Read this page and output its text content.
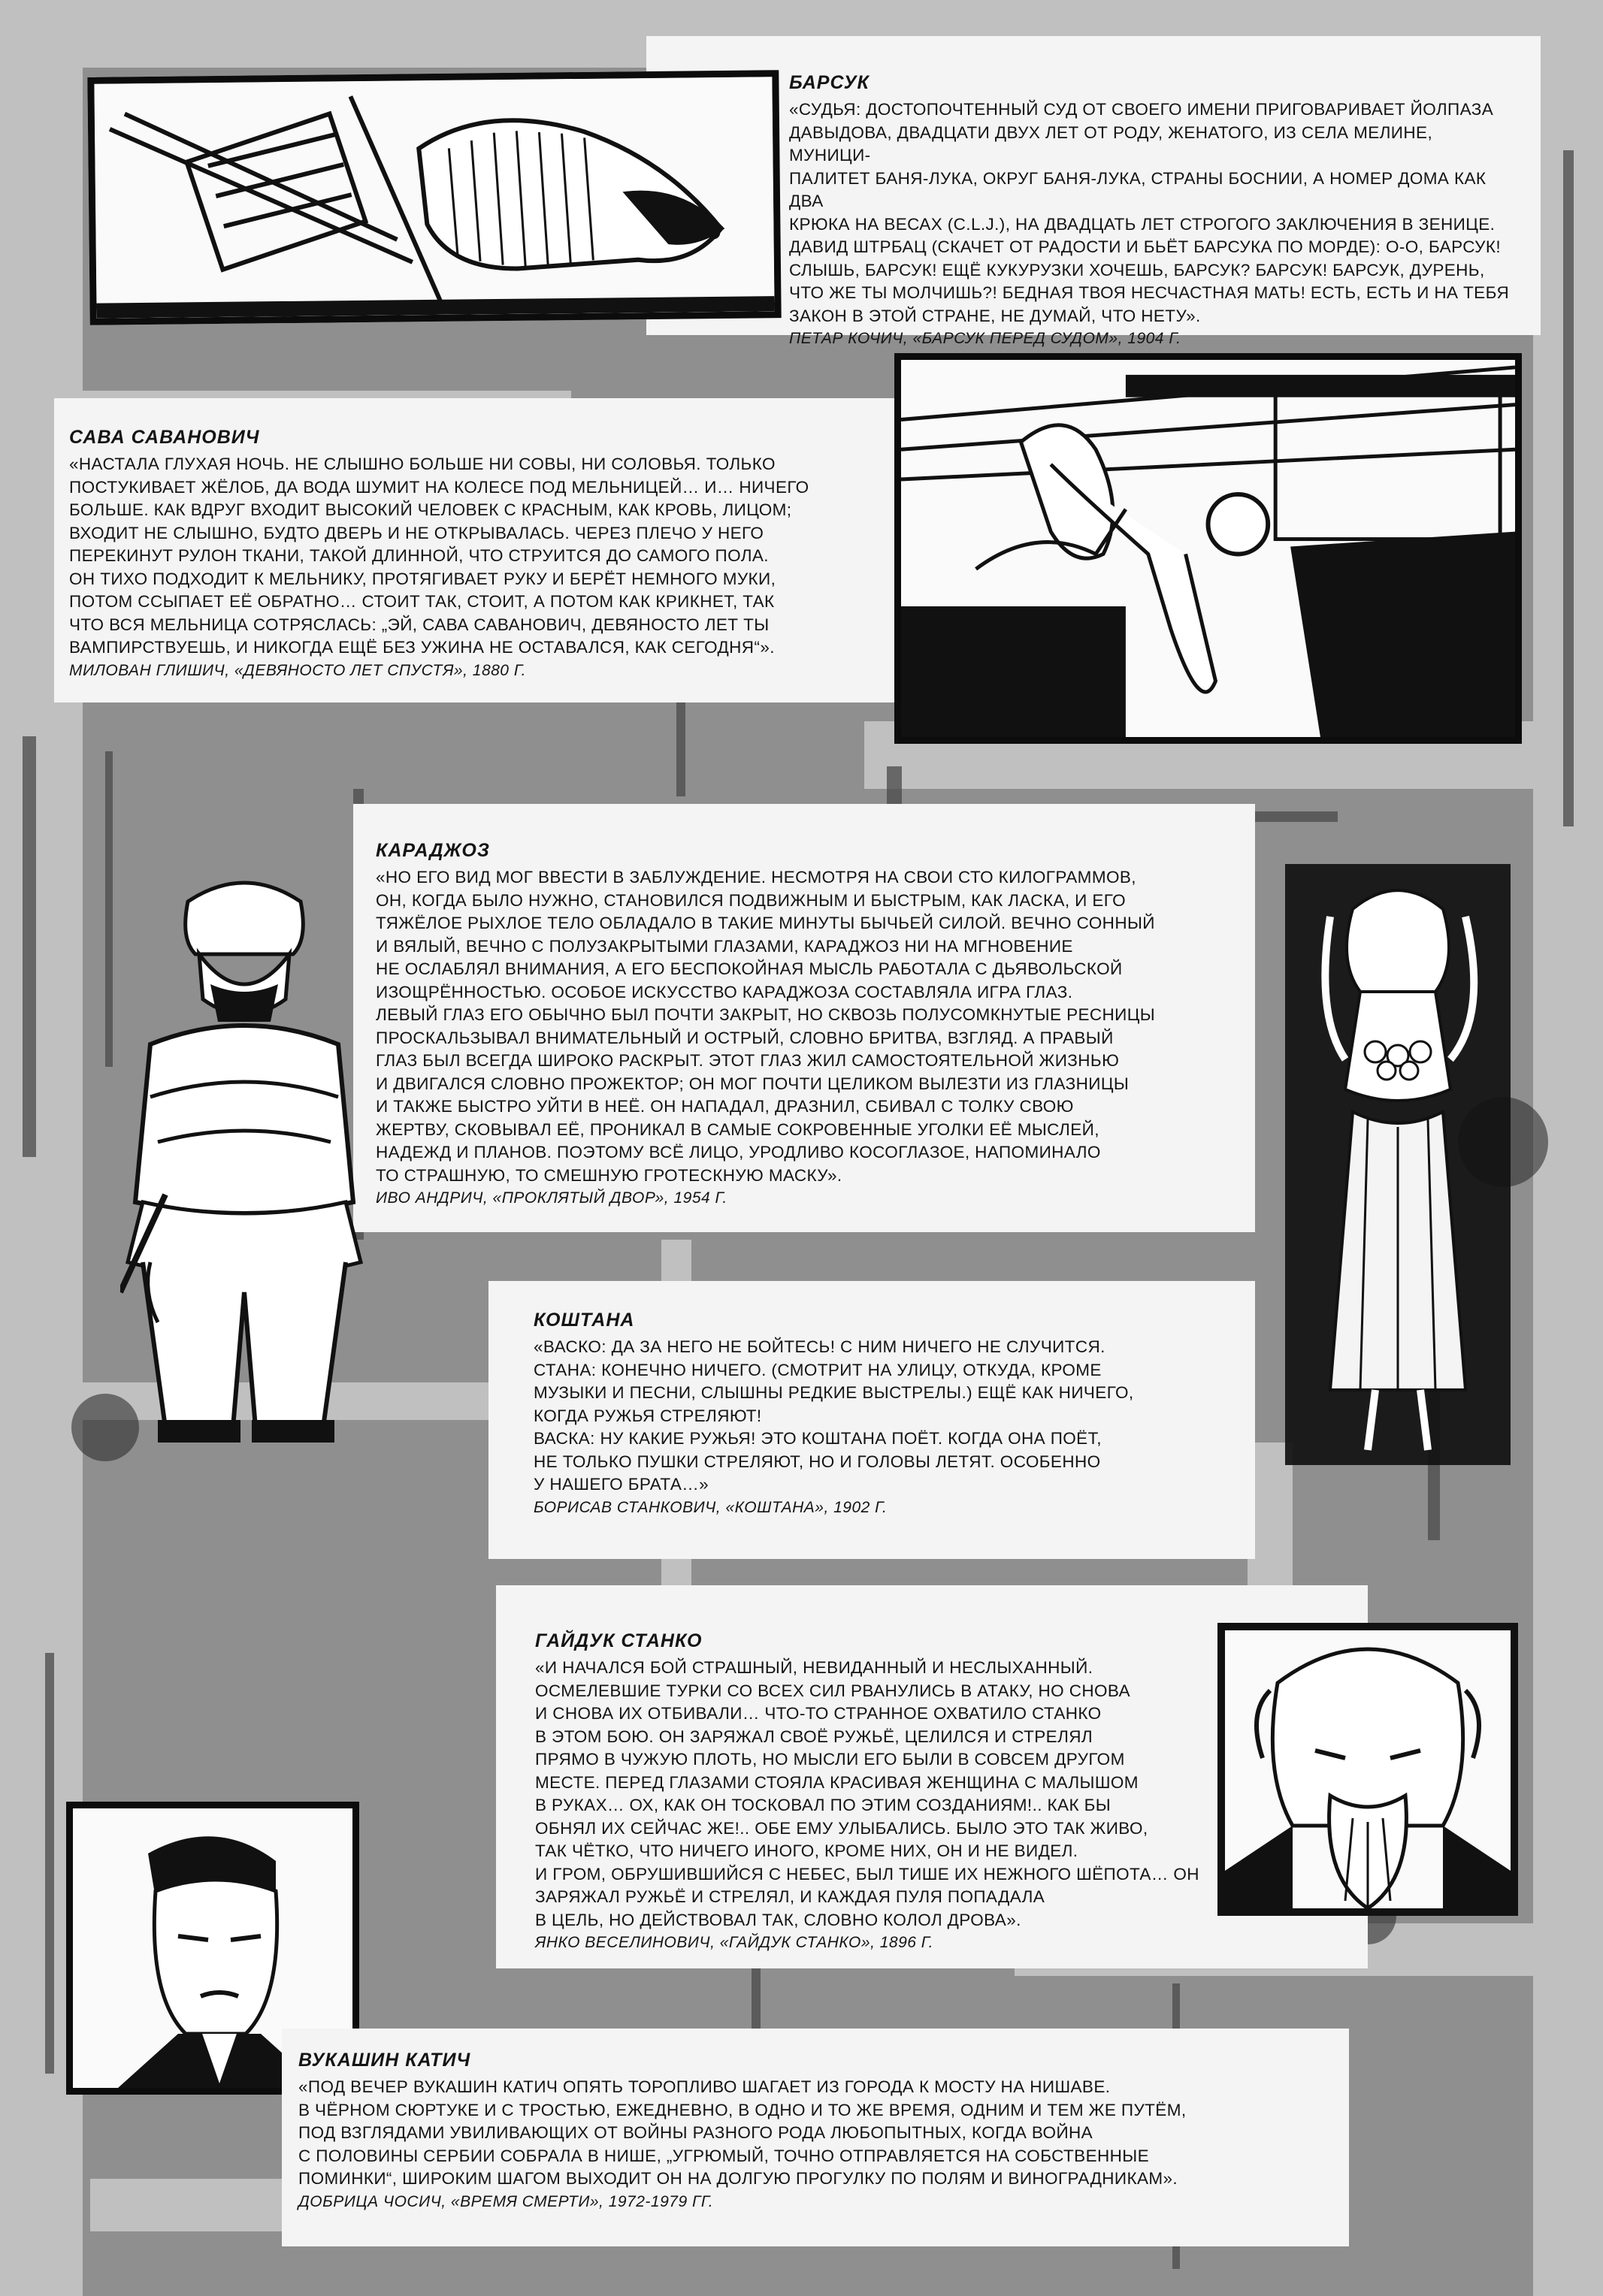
БАРСУК
«СУДЬЯ: ДОСТОПОЧТЕННЫЙ СУД ОТ СВОЕГО ИМЕНИ ПРИГОВАРИВАЕТ ЙОЛПАЗА
ДАВЫДОВА, ДВАДЦАТИ ДВУХ ЛЕТ ОТ РОДУ, ЖЕНАТОГО, ИЗ СЕЛА МЕЛИНЕ, МУНИЦИ-
ПАЛИТЕТ БАНЯ-ЛУКА, ОКРУГ БАНЯ-ЛУКА, СТРАНЫ БОСНИИ, А НОМЕР ДОМА КАК ДВА
КРЮКА НА ВЕСАХ (C.L.J.), НА ДВАДЦАТЬ ЛЕТ СТРОГОГО ЗАКЛЮЧЕНИЯ В ЗЕНИЦЕ.
ДАВИД ШТРБАЦ (СКАЧЕТ ОТ РАДОСТИ И БЬЁТ БАРСУКА ПО МОРДЕ): О-О, БАРСУК!
СЛЫШЬ, БАРСУК! ЕЩЁ КУКУРУЗКИ ХОЧЕШЬ, БАРСУК? БАРСУК! БАРСУК, ДУРЕНЬ,
ЧТО ЖЕ ТЫ МОЛЧИШЬ?! БЕДНАЯ ТВОЯ НЕСЧАСТНАЯ МАТЬ! ЕСТЬ, ЕСТЬ И НА ТЕБЯ
ЗАКОН В ЭТОЙ СТРАНЕ, НЕ ДУМАЙ, ЧТО НЕТУ».
ПЕТАР КОЧИЧ, «БАРСУК ПЕРЕД СУДОМ», 1904 Г.
САВА САВАНОВИЧ
«НАСТАЛА ГЛУХАЯ НОЧЬ. НЕ СЛЫШНО БОЛЬШЕ НИ СОВЫ, НИ СОЛОВЬЯ. ТОЛЬКО
ПОСТУКИВАЕТ ЖЁЛОБ, ДА ВОДА ШУМИТ НА КОЛЕСЕ ПОД МЕЛЬНИЦЕЙ… И… НИЧЕГО
БОЛЬШЕ. КАК ВДРУГ ВХОДИТ ВЫСОКИЙ ЧЕЛОВЕК С КРАСНЫМ, КАК КРОВЬ, ЛИЦОМ;
ВХОДИТ НЕ СЛЫШНО, БУДТО ДВЕРЬ И НЕ ОТКРЫВАЛАСЬ. ЧЕРЕЗ ПЛЕЧО У НЕГО
ПЕРЕКИНУТ РУЛОН ТКАНИ, ТАКОЙ ДЛИННОЙ, ЧТО СТРУИТСЯ ДО САМОГО ПОЛА.
ОН ТИХО ПОДХОДИТ К МЕЛЬНИКУ, ПРОТЯГИВАЕТ РУКУ И БЕРЁТ НЕМНОГО МУКИ,
ПОТОМ ССЫПАЕТ ЕЁ ОБРАТНО… СТОИТ ТАК, СТОИТ, А ПОТОМ КАК КРИКНЕТ, ТАК
ЧТО ВСЯ МЕЛЬНИЦА СОТРЯСЛАСЬ: „ЭЙ, САВА САВАНОВИЧ, ДЕВЯНОСТО ЛЕТ ТЫ
ВАМПИРСТВУЕШЬ, И НИКОГДА ЕЩЁ БЕЗ УЖИНА НЕ ОСТАВАЛСЯ, КАК СЕГОДНЯ“».
МИЛОВАН ГЛИШИЧ, «ДЕВЯНОСТО ЛЕТ СПУСТЯ», 1880 Г.
КАРАДЖОЗ
«НО ЕГО ВИД МОГ ВВЕСТИ В ЗАБЛУЖДЕНИЕ. НЕСМОТРЯ НА СВОИ СТО КИЛОГРАММОВ,
ОН, КОГДА БЫЛО НУЖНО, СТАНОВИЛСЯ ПОДВИЖНЫМ И БЫСТРЫМ, КАК ЛАСКА, И ЕГО
ТЯЖЁЛОЕ РЫХЛОЕ ТЕЛО ОБЛАДАЛО В ТАКИЕ МИНУТЫ БЫЧЬЕЙ СИЛОЙ. ВЕЧНО СОННЫЙ
И ВЯЛЫЙ, ВЕЧНО С ПОЛУЗАКРЫТЫМИ ГЛАЗАМИ, КАРАДЖОЗ НИ НА МГНОВЕНИЕ
НЕ ОСЛАБЛЯЛ ВНИМАНИЯ, А ЕГО БЕСПОКОЙНАЯ МЫСЛЬ РАБОТАЛА С ДЬЯВОЛЬСКОЙ
ИЗОЩРЁННОСТЬЮ. ОСОБОЕ ИСКУССТВО КАРАДЖОЗА СОСТАВЛЯЛА ИГРА ГЛАЗ.
ЛЕВЫЙ ГЛАЗ ЕГО ОБЫЧНО БЫЛ ПОЧТИ ЗАКРЫТ, НО СКВОЗЬ ПОЛУСОМКНУТЫЕ РЕСНИЦЫ
ПРОСКАЛЬЗЫВАЛ ВНИМАТЕЛЬНЫЙ И ОСТРЫЙ, СЛОВНО БРИТВА, ВЗГЛЯД. А ПРАВЫЙ
ГЛАЗ БЫЛ ВСЕГДА ШИРОКО РАСКРЫТ. ЭТОТ ГЛАЗ ЖИЛ САМОСТОЯТЕЛЬНОЙ ЖИЗНЬЮ
И ДВИГАЛСЯ СЛОВНО ПРОЖЕКТОР; ОН МОГ ПОЧТИ ЦЕЛИКОМ ВЫЛЕЗТИ ИЗ ГЛАЗНИЦЫ
И ТАКЖЕ БЫСТРО УЙТИ В НЕЁ. ОН НАПАДАЛ, ДРАЗНИЛ, СБИВАЛ С ТОЛКУ СВОЮ
ЖЕРТВУ, СКОВЫВАЛ ЕЁ, ПРОНИКАЛ В САМЫЕ СОКРОВЕННЫЕ УГОЛКИ ЕЁ МЫСЛЕЙ,
НАДЕЖД И ПЛАНОВ. ПОЭТОМУ ВСЁ ЛИЦО, УРОДЛИВО КОСОГЛАЗОЕ, НАПОМИНАЛО
ТО СТРАШНУЮ, ТО СМЕШНУЮ ГРОТЕСКНУЮ МАСКУ».
ИВО АНДРИЧ, «ПРОКЛЯТЫЙ ДВОР», 1954 Г.
КОШТАНА
«ВАСКО: ДА ЗА НЕГО НЕ БОЙТЕСЬ! С НИМ НИЧЕГО НЕ СЛУЧИТСЯ.
СТАНА: КОНЕЧНО НИЧЕГО. (СМОТРИТ НА УЛИЦУ, ОТКУДА, КРОМЕ
МУЗЫКИ И ПЕСНИ, СЛЫШНЫ РЕДКИЕ ВЫСТРЕЛЫ.) ЕЩЁ КАК НИЧЕГО,
КОГДА РУЖЬЯ СТРЕЛЯЮТ!
ВАСКА: НУ КАКИЕ РУЖЬЯ! ЭТО КОШТАНА ПОЁТ. КОГДА ОНА ПОЁТ,
НЕ ТОЛЬКО ПУШКИ СТРЕЛЯЮТ, НО И ГОЛОВЫ ЛЕТЯТ. ОСОБЕННО
У НАШЕГО БРАТА…»
БОРИСАВ СТАНКОВИЧ, «КОШТАНА», 1902 Г.
ГАЙДУК СТАНКО
«И НАЧАЛСЯ БОЙ СТРАШНЫЙ, НЕВИДАННЫЙ И НЕСЛЫХАННЫЙ.
ОСМЕЛЕВШИЕ ТУРКИ СО ВСЕХ СИЛ РВАНУЛИСЬ В АТАКУ, НО СНОВА
И СНОВА ИХ ОТБИВАЛИ… ЧТО-ТО СТРАННОЕ ОХВАТИЛО СТАНКО
В ЭТОМ БОЮ. ОН ЗАРЯЖАЛ СВОЁ РУЖЬЁ, ЦЕЛИЛСЯ И СТРЕЛЯЛ
ПРЯМО В ЧУЖУЮ ПЛОТЬ, НО МЫСЛИ ЕГО БЫЛИ В СОВСЕМ ДРУГОМ
МЕСТЕ. ПЕРЕД ГЛАЗАМИ СТОЯЛА КРАСИВАЯ ЖЕНЩИНА С МАЛЫШОМ
В РУКАХ… ОХ, КАК ОН ТОСКОВАЛ ПО ЭТИМ СОЗДАНИЯМ!.. КАК БЫ
ОБНЯЛ ИХ СЕЙЧАС ЖЕ!.. ОБЕ ЕМУ УЛЫБАЛИСЬ. БЫЛО ЭТО ТАК ЖИВО,
ТАК ЧЁТКО, ЧТО НИЧЕГО ИНОГО, КРОМЕ НИХ, ОН И НЕ ВИДЕЛ.
И ГРОМ, ОБРУШИВШИЙСЯ С НЕБЕС, БЫЛ ТИШЕ ИХ НЕЖНОГО ШЁПОТА… ОН ЗАРЯЖАЛ РУЖЬЁ И СТРЕЛЯЛ, И КАЖДАЯ ПУЛЯ ПОПАДАЛА
В ЦЕЛЬ, НО ДЕЙСТВОВАЛ ТАК, СЛОВНО КОЛОЛ ДРОВА».
ЯНКО ВЕСЕЛИНОВИЧ, «ГАЙДУК СТАНКО», 1896 Г.
ВУКАШИН КАТИЧ
«ПОД ВЕЧЕР ВУКАШИН КАТИЧ ОПЯТЬ ТОРОПЛИВО ШАГАЕТ ИЗ ГОРОДА К МОСТУ НА НИШАВЕ.
В ЧЁРНОМ СЮРТУКЕ И С ТРОСТЬЮ, ЕЖЕДНЕВНО, В ОДНО И ТО ЖЕ ВРЕМЯ, ОДНИМ И ТЕМ ЖЕ ПУТЁМ,
ПОД ВЗГЛЯДАМИ УВИЛИВАЮЩИХ ОТ ВОЙНЫ РАЗНОГО РОДА ЛЮБОПЫТНЫХ, КОГДА ВОЙНА
С ПОЛОВИНЫ СЕРБИИ СОБРАЛА В НИШЕ, „УГРЮМЫЙ, ТОЧНО ОТПРАВЛЯЕТСЯ НА СОБСТВЕННЫЕ
ПОМИНКИ“, ШИРОКИМ ШАГОМ ВЫХОДИТ ОН НА ДОЛГУЮ ПРОГУЛКУ ПО ПОЛЯМ И ВИНОГРАДНИКАМ».
ДОБРИЦА ЧОСИЧ, «ВРЕМЯ СМЕРТИ», 1972-1979 ГГ.
